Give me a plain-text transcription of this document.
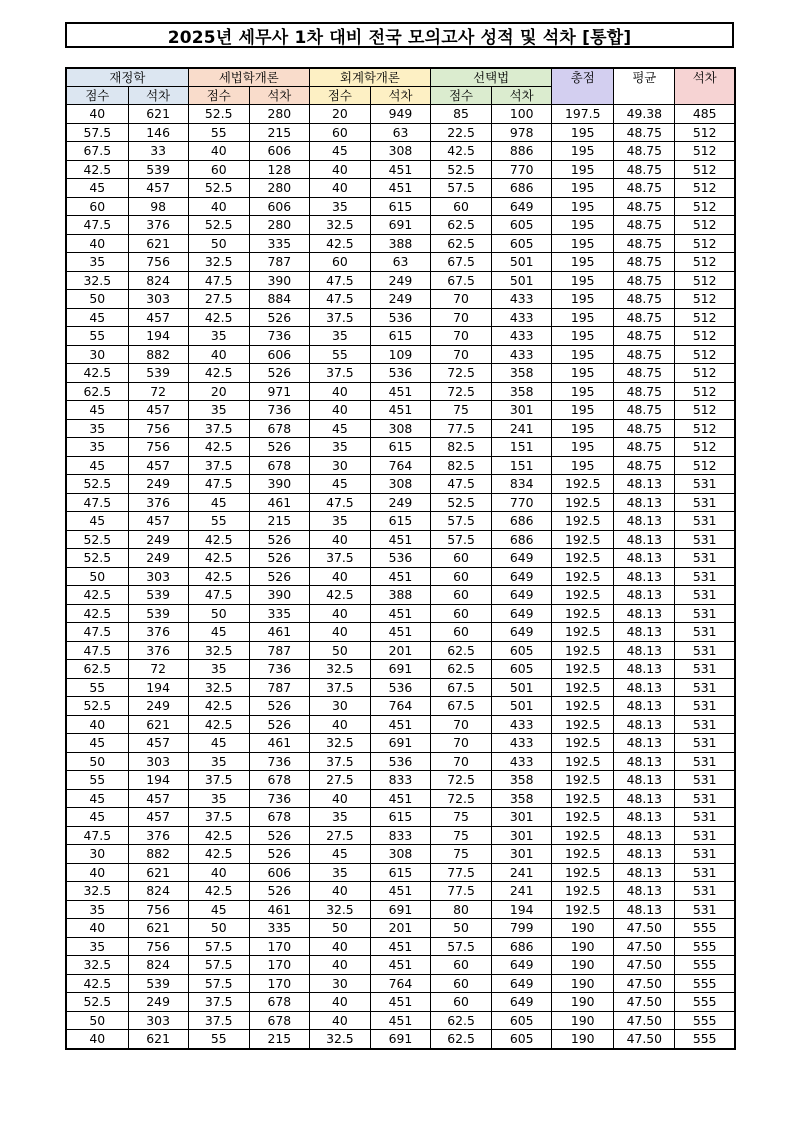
2025년 세무사 1차 대비 전국 모의고사 성적 및 석차 [통합]
재정학		세법학개론		회계학개론		선택법		총점	평균	석차
점수	석차	점수	석차	점수	석차	점수	석차			
40	621	52.5	280	20	949	85	100	197.5	49.38	485
57.5	146	55	215	60	63	22.5	978	195	48.75	512
67.5	33	40	606	45	308	42.5	886	195	48.75	512
42.5	539	60	128	40	451	52.5	770	195	48.75	512
45	457	52.5	280	40	451	57.5	686	195	48.75	512
60	98	40	606	35	615	60	649	195	48.75	512
47.5	376	52.5	280	32.5	691	62.5	605	195	48.75	512
40	621	50	335	42.5	388	62.5	605	195	48.75	512
35	756	32.5	787	60	63	67.5	501	195	48.75	512
32.5	824	47.5	390	47.5	249	67.5	501	195	48.75	512
50	303	27.5	884	47.5	249	70	433	195	48.75	512
45	457	42.5	526	37.5	536	70	433	195	48.75	512
55	194	35	736	35	615	70	433	195	48.75	512
30	882	40	606	55	109	70	433	195	48.75	512
42.5	539	42.5	526	37.5	536	72.5	358	195	48.75	512
62.5	72	20	971	40	451	72.5	358	195	48.75	512
45	457	35	736	40	451	75	301	195	48.75	512
35	756	37.5	678	45	308	77.5	241	195	48.75	512
35	756	42.5	526	35	615	82.5	151	195	48.75	512
45	457	37.5	678	30	764	82.5	151	195	48.75	512
52.5	249	47.5	390	45	308	47.5	834	192.5	48.13	531
47.5	376	45	461	47.5	249	52.5	770	192.5	48.13	531
45	457	55	215	35	615	57.5	686	192.5	48.13	531
52.5	249	42.5	526	40	451	57.5	686	192.5	48.13	531
52.5	249	42.5	526	37.5	536	60	649	192.5	48.13	531
50	303	42.5	526	40	451	60	649	192.5	48.13	531
42.5	539	47.5	390	42.5	388	60	649	192.5	48.13	531
42.5	539	50	335	40	451	60	649	192.5	48.13	531
47.5	376	45	461	40	451	60	649	192.5	48.13	531
47.5	376	32.5	787	50	201	62.5	605	192.5	48.13	531
62.5	72	35	736	32.5	691	62.5	605	192.5	48.13	531
55	194	32.5	787	37.5	536	67.5	501	192.5	48.13	531
52.5	249	42.5	526	30	764	67.5	501	192.5	48.13	531
40	621	42.5	526	40	451	70	433	192.5	48.13	531
45	457	45	461	32.5	691	70	433	192.5	48.13	531
50	303	35	736	37.5	536	70	433	192.5	48.13	531
55	194	37.5	678	27.5	833	72.5	358	192.5	48.13	531
45	457	35	736	40	451	72.5	358	192.5	48.13	531
45	457	37.5	678	35	615	75	301	192.5	48.13	531
47.5	376	42.5	526	27.5	833	75	301	192.5	48.13	531
30	882	42.5	526	45	308	75	301	192.5	48.13	531
40	621	40	606	35	615	77.5	241	192.5	48.13	531
32.5	824	42.5	526	40	451	77.5	241	192.5	48.13	531
35	756	45	461	32.5	691	80	194	192.5	48.13	531
40	621	50	335	50	201	50	799	190	47.50	555
35	756	57.5	170	40	451	57.5	686	190	47.50	555
32.5	824	57.5	170	40	451	60	649	190	47.50	555
42.5	539	57.5	170	30	764	60	649	190	47.50	555
52.5	249	37.5	678	40	451	60	649	190	47.50	555
50	303	37.5	678	40	451	62.5	605	190	47.50	555
40	621	55	215	32.5	691	62.5	605	190	47.50	555
